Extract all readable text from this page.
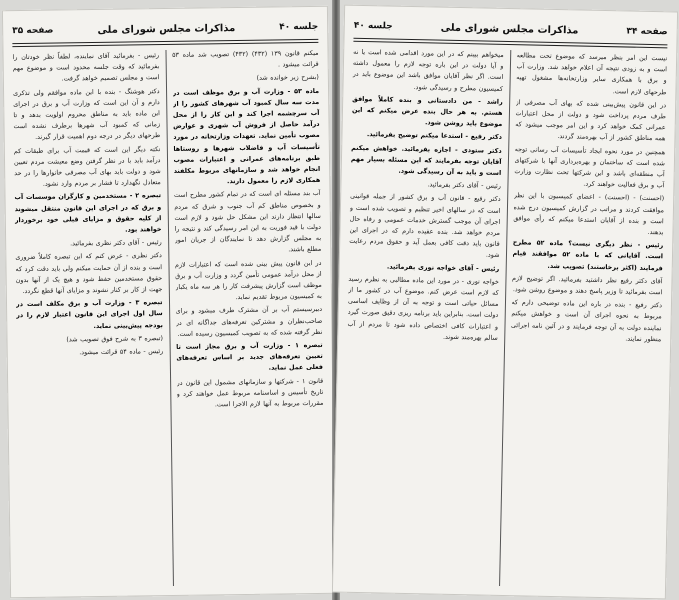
جلسه ۴۰
مذاکرات مجلس شورای ملی
صفحه ۳۵

میکنم قانون ۱۳۹ (۴۳۲) (۴۳۲) تصویب شد ماده ۵۳ قرائت میشود .

(بشرح زیر خوانده شد)

ماده ۵۳ - وزارت آب و برق موظف است در مدت سه سال کمبود آب شهرهای کشور را از آب سرچشمه اجرا کند و این کار را از محل درآمد حاصل از فروش آب شهری و عوارض مصوب تأمین نماید. تعهدات وزارتخانه در مورد تأسیسات آب و فاضلاب شهرها و روستاها طبق برنامه‌های عمرانی و اعتبارات مصوب انجام خواهد شد و سازمانهای مربوط مکلفند همکاری لازم را معمول دارند.

آب بند مسئله ای است که در تمام کشور مطرح است و بخصوص مناطق کم آب جنوب و شرق که مردم سالها انتظار دارند این مشکل حل شود و لازم است دولت با قید فوریت به این امر رسیدگی کند و نتیجه را به مجلس گزارش دهد تا نمایندگان از جریان امور مطلع باشند.

در این قانون پیش بینی شده است که اعتبارات لازم از محل درآمد عمومی تأمین گردد و وزارت آب و برق موظف است گزارش پیشرفت کار را هر سه ماه یکبار به کمیسیون مربوط تقدیم نماید.

دبیرسیستم آب بر آن مشترک طرف میشود و برای صاحب‌نظران و مشترکین تعرفه‌های جداگانه ای در نظر گرفته شده که به تصویب کمیسیون رسیده است.

تبصره ۱ - وزارت آب و برق مجاز است تا تعیین تعرفه‌های جدید بر اساس تعرفه‌های فعلی عمل نماید.

قانون ۱ - شرکتها و سازمانهای مشمول این قانون در تاریخ تأسیس و اساسنامه مربوط عمل خواهند کرد و مقررات مربوط به آنها لازم الاجرا است.

رئیس - بفرمائید آقای نماینده، لطفاً نظر خودتان را بفرمائید که وقت جلسه محدود است و موضوع مهم است و مجلس تصمیم خواهد گرفت.

دکتر هوشنگ - بنده با این ماده موافقم ولی تذکری دارم و آن این است که وزارت آب و برق در اجرای این ماده باید به مناطق محروم اولویت بدهد و تا زمانی که کمبود آب شهرها برطرف نشده است طرحهای دیگر در درجه دوم اهمیت قرار گیرند.

نکته دیگر این است که قیمت آب برای طبقات کم درآمد باید با در نظر گرفتن وضع معیشت مردم تعیین شود و دولت باید بهای آب مصرفی خانوارها را در حد متعادل نگهدارد تا فشار بر مردم وارد نشود.

تبصره ۲ - مستخدمین و کارگران موسسات آب و برق که در اجرای این قانون منتقل میشوند از کلیه حقوق و مزایای قبلی خود برخوردار خواهند بود.

رئیس - آقای دکتر نظری بفرمائید.

دکتر نظری - عرض کنم که این تبصره کاملاً ضروری است و بنده از آن حمایت میکنم ولی باید دقت کرد که حقوق مستخدمین حفظ شود و هیچ یک از آنها بدون جهت از کار بر کنار نشوند و مزایای آنها قطع نگردد.

تبصره ۳ - وزارت آب و برق مکلف است در سال اول اجرای این قانون اعتبار لازم را در بودجه پیش‌بینی نماید.

(تبصره ۳ به شرح فوق تصویب شد)

رئیس - ماده ۵۴ قرائت میشود.

صفحه ۳۴
مذاکرات مجلس شورای ملی
جلسه ۴۰

نیست این امر بنظر میرسد که موضوع تحت مطالعه است و به زودی نتیجه آن اعلام خواهد شد. وزارت آب و برق با همکاری سایر وزارتخانه‌ها مشغول تهیه طرحهای لازم است.

در این قانون پیش‌بینی شده که بهای آب مصرفی از طرف مردم پرداخت شود و دولت از محل اعتبارات عمرانی کمک خواهد کرد و این امر موجب میشود که همه مناطق کشور از آب بهره‌مند گردند.

همچنین در مورد نحوه ایجاد تأسیسات آب رسانی توجه شده است که ساختمان و بهره‌برداری آنها با شرکتهای آب منطقه‌ای باشد و این شرکتها تحت نظارت وزارت آب و برق فعالیت خواهند کرد.

(احسنت) - (احسنت) - اعضای کمیسیون با این نظر موافقت کردند و مراتب در گزارش کمیسیون درج شده است و بنده از آقایان استدعا میکنم که رأی موافق بدهند.

رئیس - نظر دیگری نیست؟ ماده ۵۲ مطرح است. آقایانی که با ماده ۵۲ موافقند قیام فرمایند (اکثر برخاستند) تصویب شد.

آقای دکتر رفیع نظر داشتید بفرمائید. اگر توضیح لازم است بفرمائید تا وزیر پاسخ دهند و موضوع روشن شود.

دکتر رفیع - بنده در باره این ماده توضیحی دارم که مربوط به نحوه اجرای آن است و خواهش میکنم نماینده دولت به آن توجه فرمایند و در آئین نامه اجرائی منظور نمایند.

میخواهم ببینم که در این مورد اقدامی شده است یا نه و آیا دولت در این باره توجه لازم را معمول داشته است. اگر نظر آقایان موافق باشد این موضوع باید در کمیسیون مطرح و رسیدگی شود.

راشد - من دادستانی و بنده کاملاً موافق هستم. به هر حال بنده عرض میکنم که این موضوع باید روشن شود.

دکتر رفیع - استدعا میکنم توضیح بفرمائید.

دکتر ستودی - اجازه بفرمائید. خواهش میکنم آقایان توجه بفرمایند که این مسئله بسیار مهم است و باید به آن رسیدگی شود.

رئیس - آقای دکتر بفرمائید.

دکتر رفیع - قانون آب و برق کشور از جمله قوانینی است که در سالهای اخیر تنظیم و تصویب شده است و اجرای آن موجب گسترش خدمات عمومی و رفاه حال مردم خواهد شد. بنده عقیده دارم که در اجرای این قانون باید دقت کافی بعمل آید و حقوق مردم رعایت شود.

رئیس - آقای خواجه نوری بفرمائید.

خواجه نوری - در مورد این ماده مطالبی به نظرم رسید که لازم است عرض کنم. موضوع آب در کشور ما از مسائل حیاتی است و توجه به آن از وظایف اساسی دولت است. بنابراین باید برنامه ریزی دقیق صورت گیرد و اعتبارات کافی اختصاص داده شود تا مردم از آب سالم بهره‌مند شوند.
